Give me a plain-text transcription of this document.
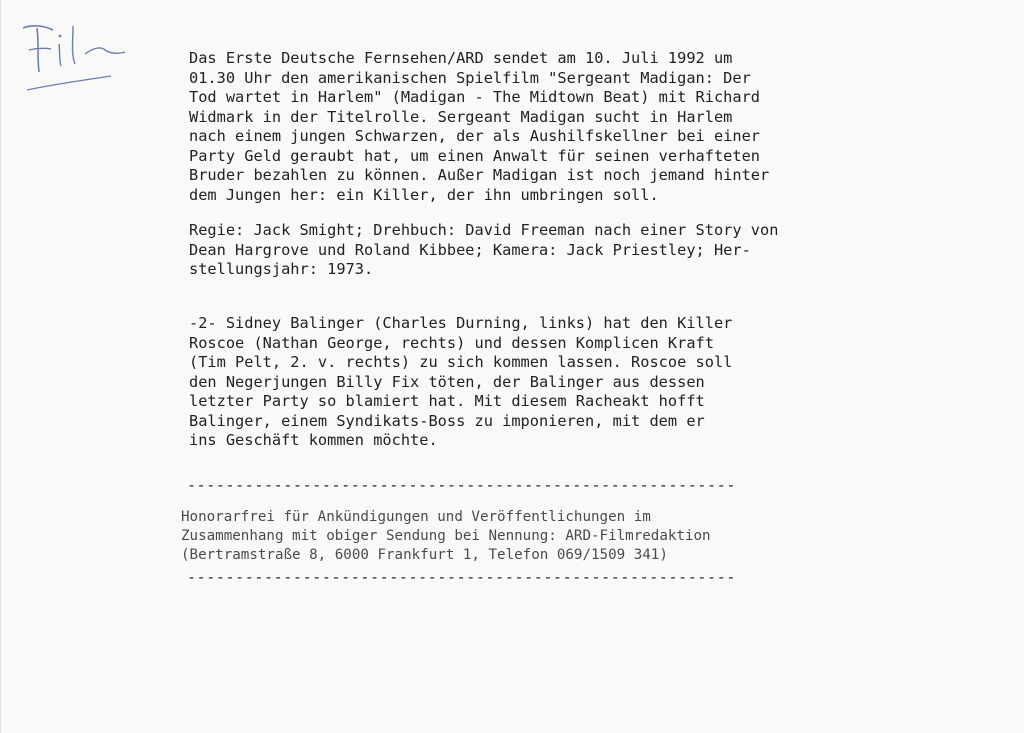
Das Erste Deutsche Fernsehen/ARD sendet am 10. Juli 1992 um
01.30 Uhr den amerikanischen Spielfilm "Sergeant Madigan: Der
Tod wartet in Harlem" (Madigan - The Midtown Beat) mit Richard
Widmark in der Titelrolle. Sergeant Madigan sucht in Harlem
nach einem jungen Schwarzen, der als Aushilfskellner bei einer
Party Geld geraubt hat, um einen Anwalt für seinen verhafteten
Bruder bezahlen zu können. Außer Madigan ist noch jemand hinter
dem Jungen her: ein Killer, der ihn umbringen soll.
Regie: Jack Smight; Drehbuch: David Freeman nach einer Story von
Dean Hargrove und Roland Kibbee; Kamera: Jack Priestley; Her-
stellungsjahr: 1973.
-2- Sidney Balinger (Charles Durning, links) hat den Killer
Roscoe (Nathan George, rechts) und dessen Komplicen Kraft
(Tim Pelt, 2. v. rechts) zu sich kommen lassen. Roscoe soll
den Negerjungen Billy Fix töten, der Balinger aus dessen
letzter Party so blamiert hat. Mit diesem Racheakt hofft
Balinger, einem Syndikats-Boss zu imponieren, mit dem er
ins Geschäft kommen möchte.
---------------------------------------------------------
Honorarfrei für Ankündigungen und Veröffentlichungen im
Zusammenhang mit obiger Sendung bei Nennung: ARD-Filmredaktion
(Bertramstraße 8, 6000 Frankfurt 1, Telefon 069/1509 341)
---------------------------------------------------------
